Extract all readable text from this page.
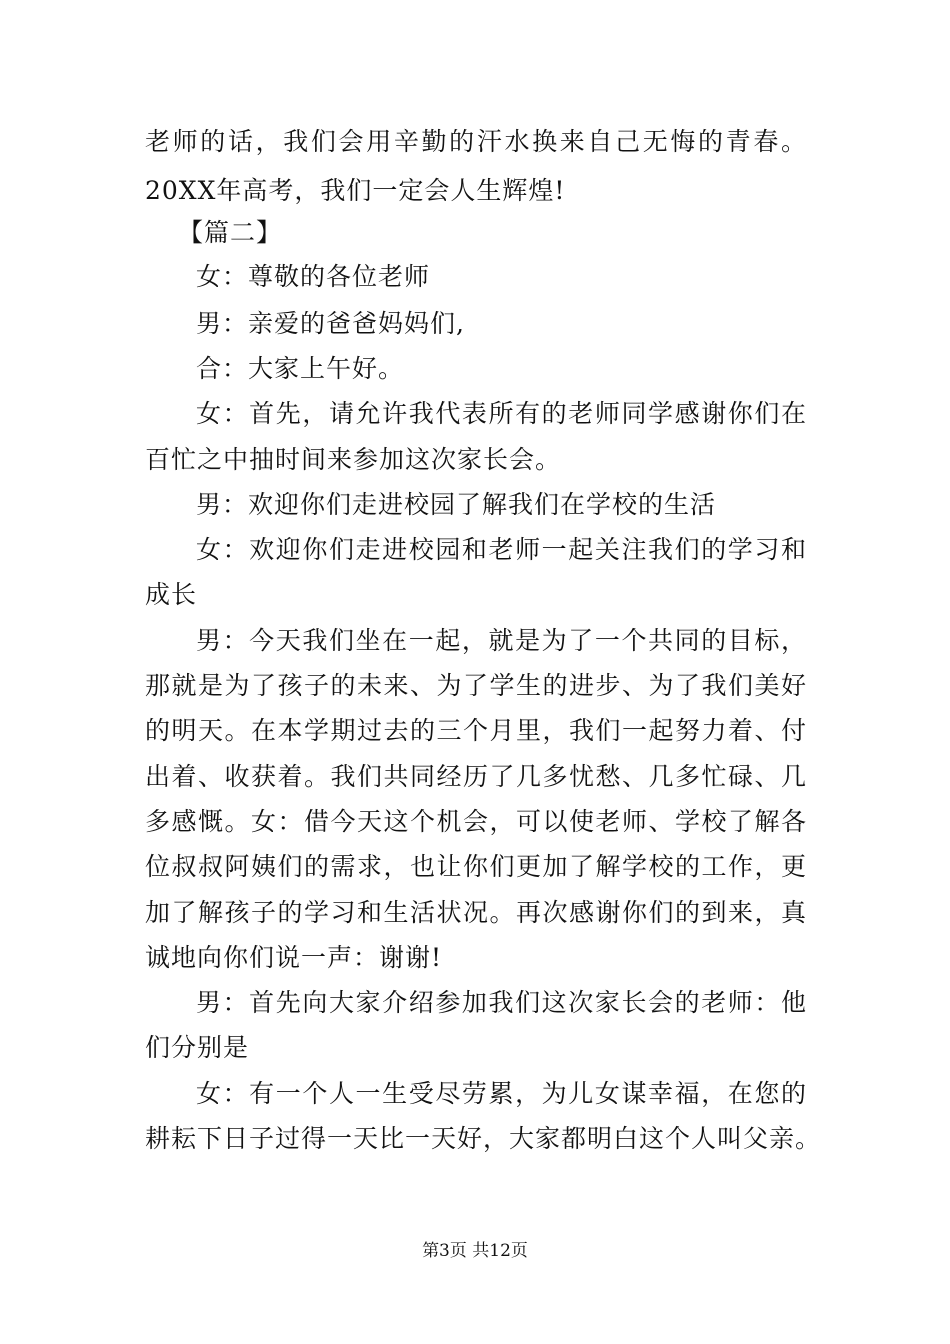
老师的话，我们会用辛勤的汗水换来自己无悔的青春。
20XX年高考，我们一定会人生辉煌!
【篇二】
女：尊敬的各位老师
男：亲爱的爸爸妈妈们,
合：大家上午好。
女：首先，请允许我代表所有的老师同学感谢你们在
百忙之中抽时间来参加这次家长会。
男：欢迎你们走进校园了解我们在学校的生活
女：欢迎你们走进校园和老师一起关注我们的学习和
成长
男：今天我们坐在一起，就是为了一个共同的目标，
那就是为了孩子的未来、为了学生的进步、为了我们美好
的明天。在本学期过去的三个月里，我们一起努力着、付
出着、收获着。我们共同经历了几多忧愁、几多忙碌、几
多感慨。女：借今天这个机会，可以使老师、学校了解各
位叔叔阿姨们的需求，也让你们更加了解学校的工作，更
加了解孩子的学习和生活状况。再次感谢你们的到来，真
诚地向你们说一声：谢谢!
男：首先向大家介绍参加我们这次家长会的老师：他
们分别是
女：有一个人一生受尽劳累，为儿女谋幸福，在您的
耕耘下日子过得一天比一天好，大家都明白这个人叫父亲。
第3页 共12页
